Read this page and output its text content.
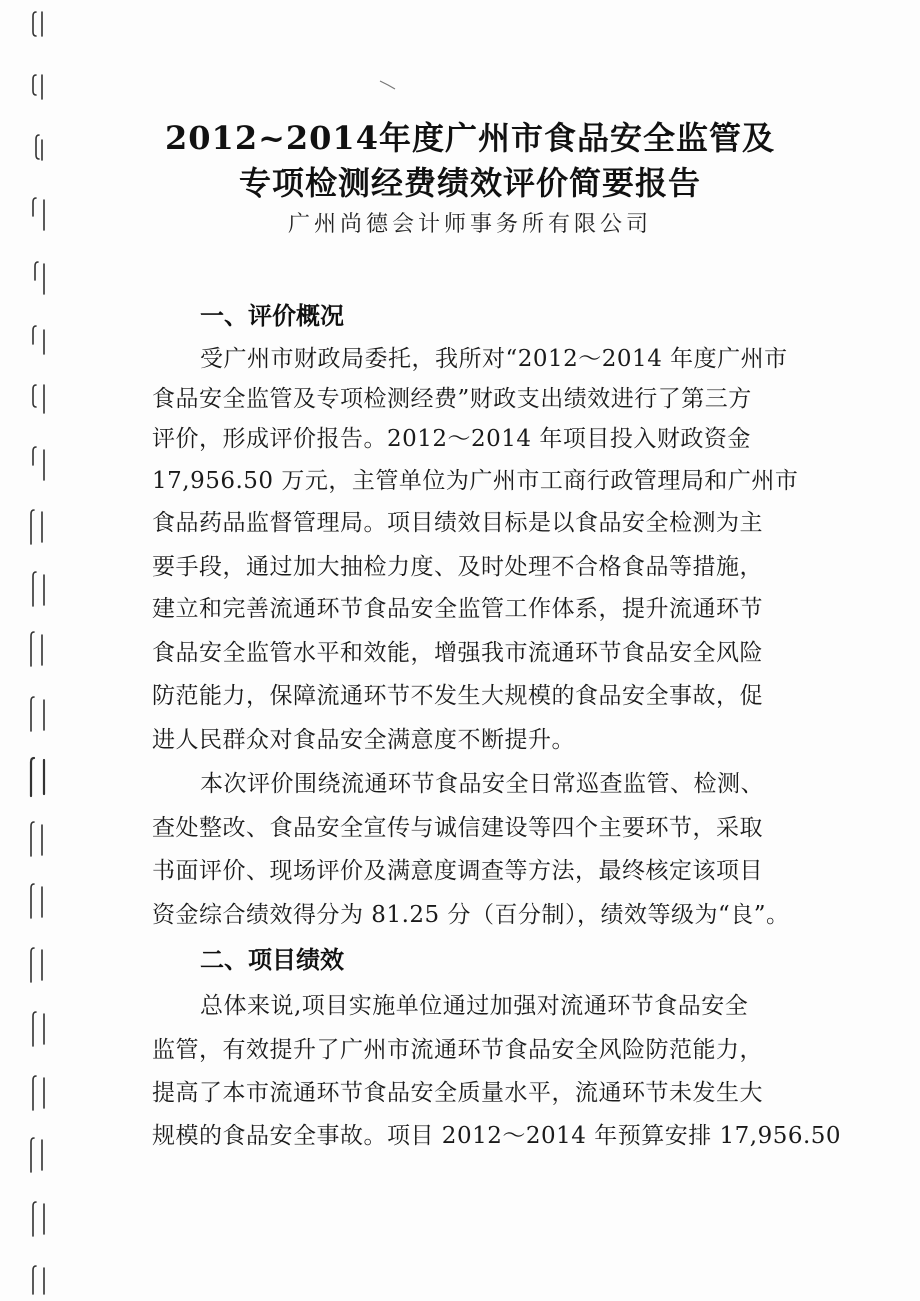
2012~2014年度广州市食品安全监管及
专项检测经费绩效评价简要报告
广州尚德会计师事务所有限公司
一、评价概况
受广州市财政局委托，我所对“2012～2014 年度广州市
食品安全监管及专项检测经费”财政支出绩效进行了第三方
评价，形成评价报告。2012～2014 年项目投入财政资金
17,956.50 万元，主管单位为广州市工商行政管理局和广州市
食品药品监督管理局。项目绩效目标是以食品安全检测为主
要手段，通过加大抽检力度、及时处理不合格食品等措施，
建立和完善流通环节食品安全监管工作体系，提升流通环节
食品安全监管水平和效能，增强我市流通环节食品安全风险
防范能力，保障流通环节不发生大规模的食品安全事故，促
进人民群众对食品安全满意度不断提升。
本次评价围绕流通环节食品安全日常巡查监管、检测、
查处整改、食品安全宣传与诚信建设等四个主要环节，采取
书面评价、现场评价及满意度调查等方法，最终核定该项目
资金综合绩效得分为 81.25 分（百分制），绩效等级为“良”。
二、项目绩效
总体来说,项目实施单位通过加强对流通环节食品安全
监管，有效提升了广州市流通环节食品安全风险防范能力，
提高了本市流通环节食品安全质量水平，流通环节未发生大
规模的食品安全事故。项目 2012～2014 年预算安排 17,956.50
